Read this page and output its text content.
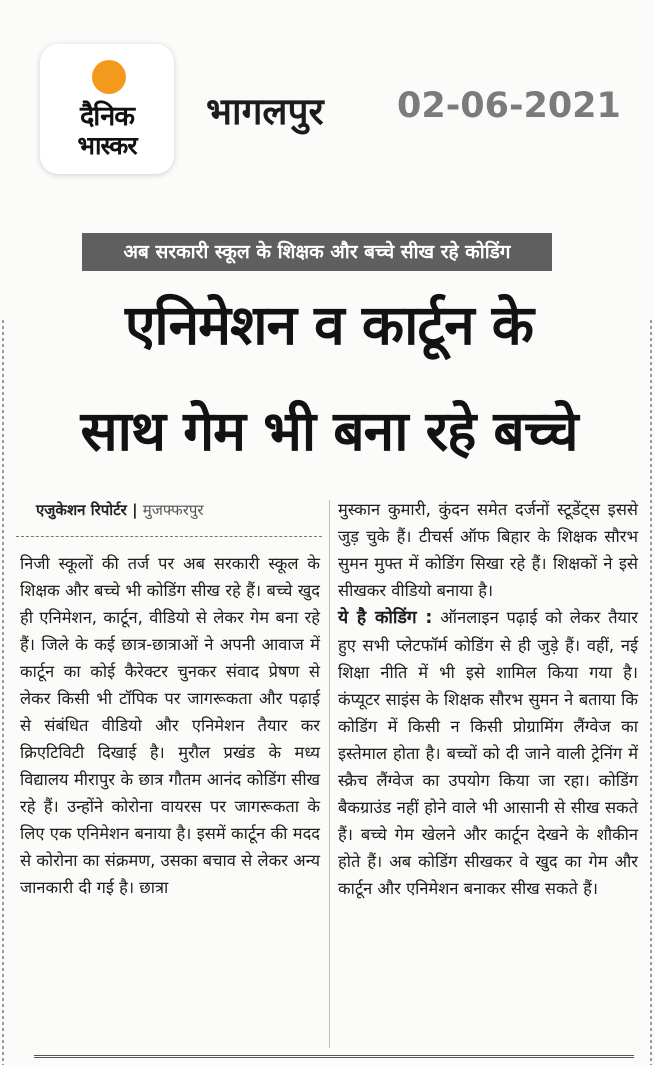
दैनिक
भास्कर
भागलपुर 02-06-2021
अब सरकारी स्कूल के शिक्षक और बच्चे सीख रहे कोडिंग
एनिमेशन व कार्टून के
साथ गेम भी बना रहे बच्चे
एजुकेशन रिपोर्टर | मुजफ्फरपुर
निजी स्कूलों की तर्ज पर अब सरकारी स्कूल के शिक्षक और बच्चे भी कोडिंग सीख रहे हैं। बच्चे खुद ही एनिमेशन, कार्टून, वीडियो से लेकर गेम बना रहे हैं। जिले के कई छात्र-छात्राओं ने अपनी आवाज में कार्टून का कोई कैरेक्टर चुनकर संवाद प्रेषण से लेकर किसी भी टॉपिक पर जागरूकता और पढ़ाई से संबंधित वीडियो और एनिमेशन तैयार कर क्रिएटिविटी दिखाई है। मुरौल प्रखंड के मध्य विद्यालय मीरापुर के छात्र गौतम आनंद कोडिंग सीख रहे हैं। उन्होंने कोरोना वायरस पर जागरूकता के लिए एक एनिमेशन बनाया है। इसमें कार्टून की मदद से कोरोना का संक्रमण, उसका बचाव से लेकर अन्य जानकारी दी गई है। छात्रा
मुस्कान कुमारी, कुंदन समेत दर्जनों स्टूडेंट्स इससे जुड़ चुके हैं। टीचर्स ऑफ बिहार के शिक्षक सौरभ सुमन मुफ्त में कोडिंग सिखा रहे हैं। शिक्षकों ने इसे सीखकर वीडियो बनाया है।
ये है कोडिंग : ऑनलाइन पढ़ाई को लेकर तैयार हुए सभी प्लेटफॉर्म कोडिंग से ही जुड़े हैं। वहीं, नई शिक्षा नीति में भी इसे शामिल किया गया है। कंप्यूटर साइंस के शिक्षक सौरभ सुमन ने बताया कि कोडिंग में किसी न किसी प्रोग्रामिंग लैंग्वेज का इस्तेमाल होता है। बच्चों को दी जाने वाली ट्रेनिंग में स्क्रैच लैंग्वेज का उपयोग किया जा रहा। कोडिंग बैकग्राउंड नहीं होने वाले भी आसानी से सीख सकते हैं। बच्चे गेम खेलने और कार्टून देखने के शौकीन होते हैं। अब कोडिंग सीखकर वे खुद का गेम और कार्टून और एनिमेशन बनाकर सीख सकते हैं।
